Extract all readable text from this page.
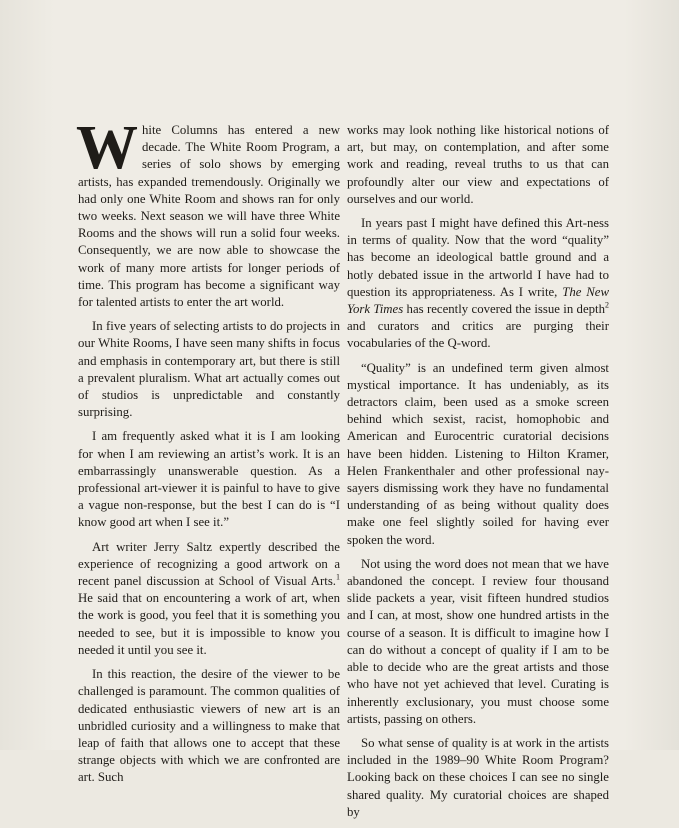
White Columns has entered a new decade. The White Room Program, a series of solo shows by emerging artists, has expanded tremendously. Originally we had only one White Room and shows ran for only two weeks. Next season we will have three White Rooms and the shows will run a solid four weeks. Consequently, we are now able to showcase the work of many more artists for longer periods of time. This program has become a significant way for talented artists to enter the art world.

In five years of selecting artists to do projects in our White Rooms, I have seen many shifts in focus and emphasis in contemporary art, but there is still a prevalent pluralism. What art actually comes out of studios is unpredictable and constantly surprising.

I am frequently asked what it is I am looking for when I am reviewing an artist’s work. It is an embarrassingly unanswerable question. As a professional art-viewer it is painful to have to give a vague non-response, but the best I can do is “I know good art when I see it.”

Art writer Jerry Saltz expertly described the experience of recognizing a good artwork on a recent panel discussion at School of Visual Arts.$^1$ He said that on encountering a work of art, when the work is good, you feel that it is something you needed to see, but it is impossible to know you needed it until you see it.

In this reaction, the desire of the viewer to be challenged is paramount. The common qualities of dedicated enthusiastic viewers of new art is an unbridled curiosity and a willingness to make that leap of faith that allows one to accept that these strange objects with which we are confronted are art. Such

works may look nothing like historical notions of art, but may, on contemplation, and after some work and reading, reveal truths to us that can profoundly alter our view and expectations of ourselves and our world.

In years past I might have defined this Art-ness in terms of quality. Now that the word “quality” has become an ideological battle ground and a hotly debated issue in the artworld I have had to question its appropriateness. As I write, The New York Times has recently covered the issue in depth$^2$ and curators and critics are purging their vocabularies of the Q-word.

“Quality” is an undefined term given almost mystical importance. It has undeniably, as its detractors claim, been used as a smoke screen behind which sexist, racist, homophobic and American and Eurocentric curatorial decisions have been hidden. Listening to Hilton Kramer, Helen Frankenthaler and other professional nay-sayers dismissing work they have no fundamental understanding of as being without quality does make one feel slightly soiled for having ever spoken the word.

Not using the word does not mean that we have abandoned the concept. I review four thousand slide packets a year, visit fifteen hundred studios and I can, at most, show one hundred artists in the course of a season. It is difficult to imagine how I can do without a concept of quality if I am to be able to decide who are the great artists and those who have not yet achieved that level. Curating is inherently exclusionary, you must choose some artists, passing on others.

So what sense of quality is at work in the artists included in the 1989–90 White Room Program? Looking back on these choices I can see no single shared quality. My curatorial choices are shaped by
